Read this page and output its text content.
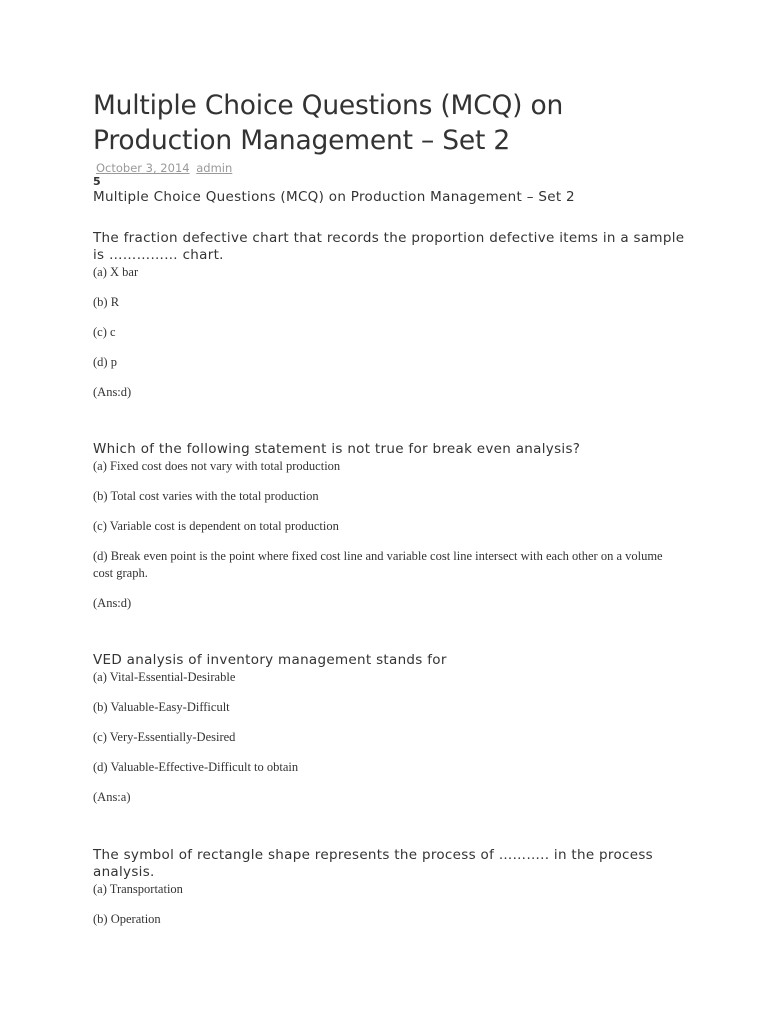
Multiple Choice Questions (MCQ) on Production Management – Set 2
October 3, 2014 admin
5
Multiple Choice Questions (MCQ) on Production Management – Set 2

The fraction defective chart that records the proportion defective items in a sample is …………… chart.

(a) X bar

(b) R

(c) c

(d) p

(Ans:d)

Which of the following statement is not true for break even analysis?

(a) Fixed cost does not vary with total production

(b) Total cost varies with the total production

(c) Variable cost is dependent on total production

(d) Break even point is the point where fixed cost line and variable cost line intersect with each other on a volume cost graph.

(Ans:d)

VED analysis of inventory management stands for

(a) Vital-Essential-Desirable

(b) Valuable-Easy-Difficult

(c) Very-Essentially-Desired

(d) Valuable-Effective-Difficult to obtain

(Ans:a)

The symbol of rectangle shape represents the process of ……….. in the process analysis.

(a) Transportation

(b) Operation
